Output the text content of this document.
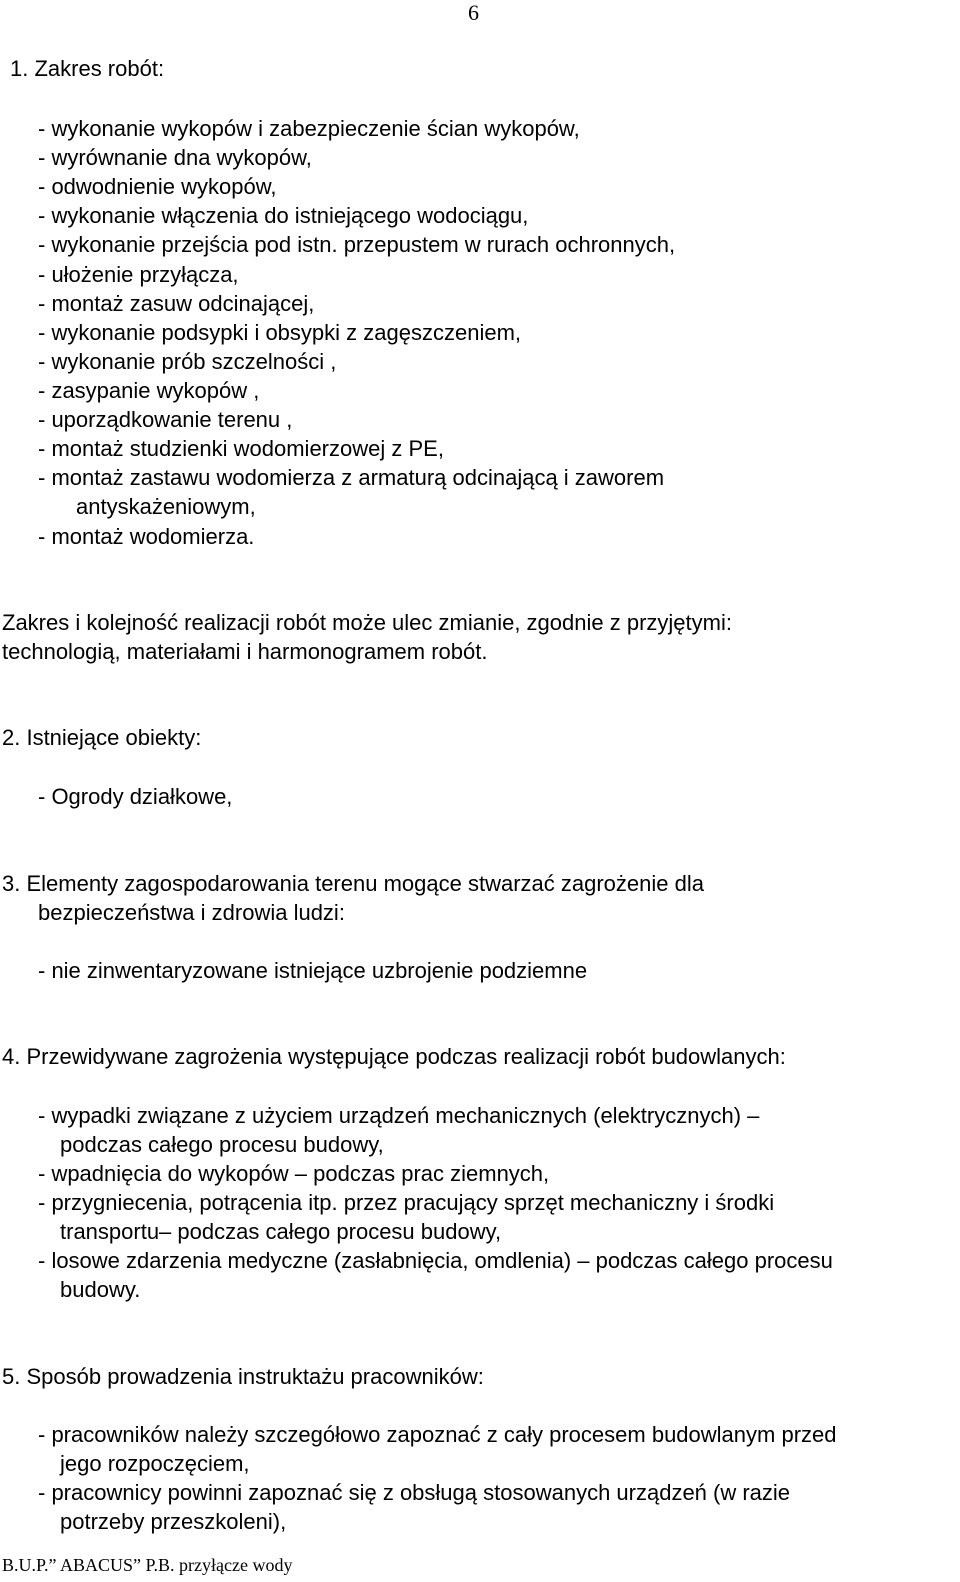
6
1. Zakres robót:
- wykonanie wykopów i zabezpieczenie ścian wykopów,
- wyrównanie dna wykopów,
- odwodnienie wykopów,
- wykonanie włączenia do istniejącego wodociągu,
- wykonanie przejścia pod istn. przepustem w rurach ochronnych,
- ułożenie przyłącza,
- montaż zasuw odcinającej,
- wykonanie podsypki i obsypki z zagęszczeniem,
- wykonanie prób szczelności ,
- zasypanie wykopów ,
- uporządkowanie terenu ,
- montaż studzienki wodomierzowej z PE,
- montaż zastawu wodomierza z armaturą odcinającą i zaworem
antyskażeniowym,
- montaż wodomierza.
Zakres i kolejność realizacji robót może ulec zmianie, zgodnie z przyjętymi:
technologią, materiałami i harmonogramem robót.
2. Istniejące obiekty:
- Ogrody działkowe,
3. Elementy zagospodarowania terenu mogące stwarzać zagrożenie dla
bezpieczeństwa i zdrowia ludzi:
- nie zinwentaryzowane istniejące uzbrojenie podziemne
4. Przewidywane zagrożenia występujące podczas realizacji robót budowlanych:
- wypadki związane z użyciem urządzeń mechanicznych (elektrycznych) –
podczas całego procesu budowy,
- wpadnięcia do wykopów – podczas prac ziemnych,
- przygniecenia, potrącenia itp. przez pracujący sprzęt mechaniczny i środki
transportu– podczas całego procesu budowy,
- losowe zdarzenia medyczne (zasłabnięcia, omdlenia) – podczas całego procesu
budowy.
5. Sposób prowadzenia instruktażu pracowników:
- pracowników należy szczegółowo zapoznać z cały procesem budowlanym przed
jego rozpoczęciem,
- pracownicy powinni zapoznać się z obsługą stosowanych urządzeń (w razie
potrzeby przeszkoleni),
B.U.P.” ABACUS” P.B. przyłącze wody
